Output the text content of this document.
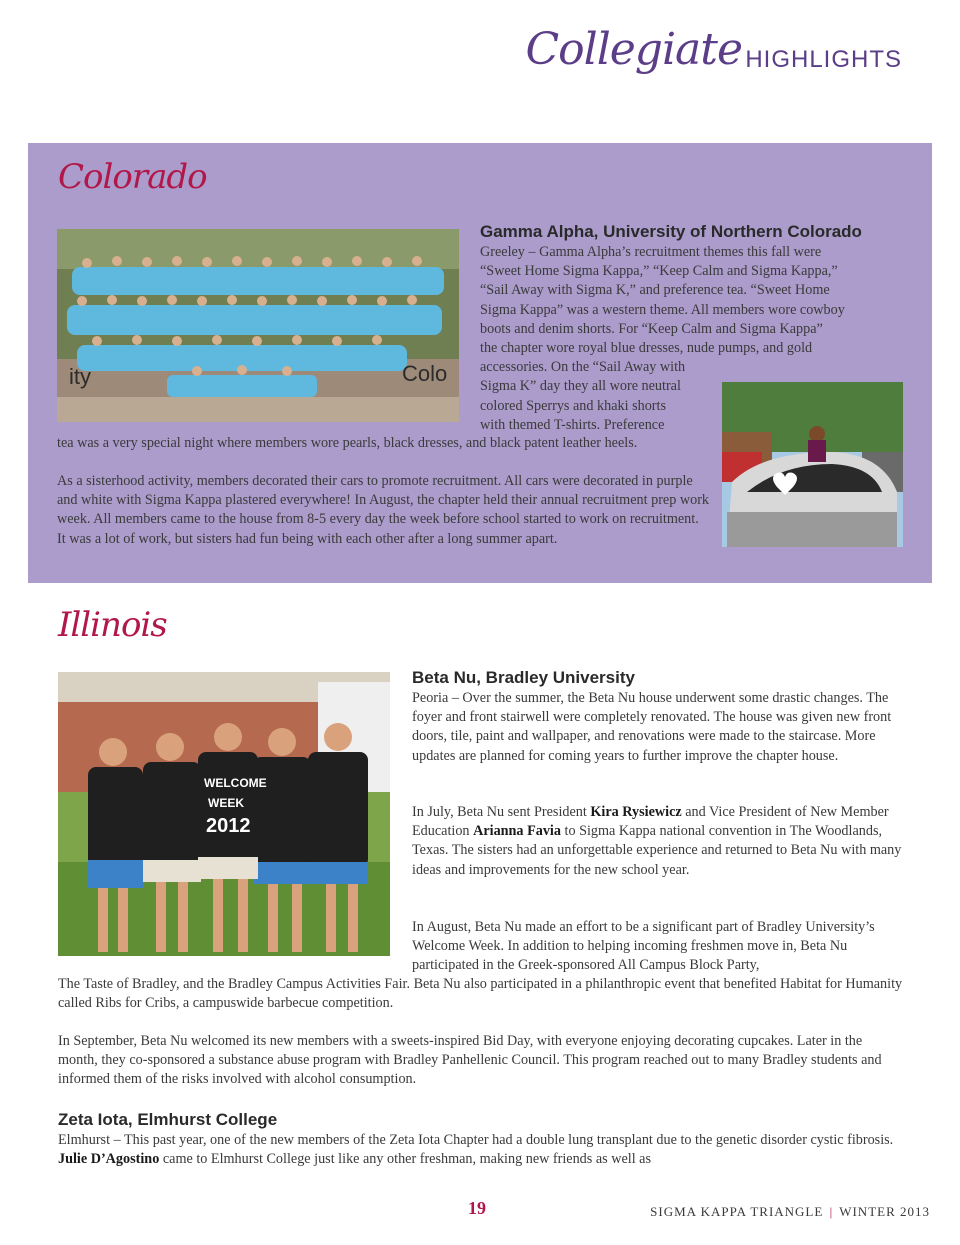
Collegiate HIGHLIGHTS
Colorado
ity	Colo
Gamma Alpha, University of Northern Colorado
Greeley – Gamma Alpha’s recruitment themes this fall were
“Sweet Home Sigma Kappa,” “Keep Calm and Sigma Kappa,”
“Sail Away with Sigma K,” and preference tea. “Sweet Home
Sigma Kappa” was a western theme. All members wore cowboy
boots and denim shorts. For “Keep Calm and Sigma Kappa”
the chapter wore royal blue dresses, nude pumps, and gold
accessories. On the “Sail Away with
Sigma K” day they all wore neutral
colored Sperrys and khaki shorts
with themed T-shirts. Preference
tea was a very special night where members wore pearls, black dresses, and black patent leather heels.
As a sisterhood activity, members decorated their cars to promote recruitment. All cars were decorated in purple and white with Sigma Kappa plastered everywhere! In August, the chapter held their annual recruitment prep work week. All members came to the house from 8-5 every day the week before school started to work on recruitment. It was a lot of work, but sisters had fun being with each other after a long summer apart.
Illinois
WELCOME
WEEK
2012
Beta Nu, Bradley University
Peoria – Over the summer, the Beta Nu house underwent some drastic changes. The foyer and front stairwell were completely renovated. The house was given new front doors, tile, paint and wallpaper, and renovations were made to the staircase. More updates are planned for coming years to further improve the chapter house.
In July, Beta Nu sent President Kira Rysiewicz and Vice President of New Member Education Arianna Favia to Sigma Kappa national convention in The Woodlands, Texas. The sisters had an unforgettable experience and returned to Beta Nu with many ideas and improvements for the new school year.
In August, Beta Nu made an effort to be a significant part of Bradley University’s Welcome Week. In addition to helping incoming freshmen move in, Beta Nu participated in the Greek-sponsored All Campus Block Party,
The Taste of Bradley, and the Bradley Campus Activities Fair. Beta Nu also participated in a philanthropic event that benefited Habitat for Humanity called Ribs for Cribs, a campuswide barbecue competition.
In September, Beta Nu welcomed its new members with a sweets-inspired Bid Day, with everyone enjoying decorating cupcakes. Later in the month, they co-sponsored a substance abuse program with Bradley Panhellenic Council. This program reached out to many Bradley students and informed them of the risks involved with alcohol consumption.
Zeta Iota, Elmhurst College
Elmhurst – This past year, one of the new members of the Zeta Iota Chapter had a double lung transplant due to the genetic disorder cystic fibrosis. Julie D’Agostino came to Elmhurst College just like any other freshman, making new friends as well as
19	SIGMA KAPPA TRIANGLE | WINTER 2013
